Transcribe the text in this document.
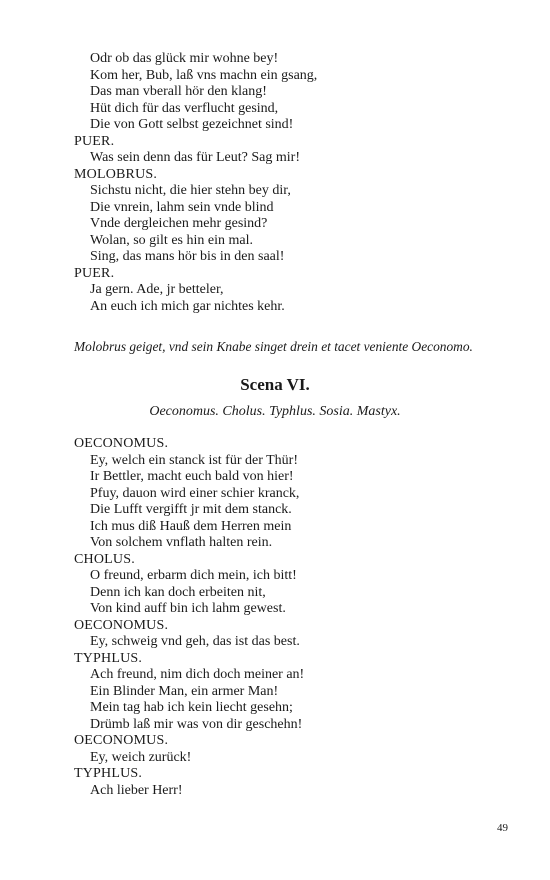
Odr ob das glück mir wohne bey!
Kom her, Bub, laß vns machn ein gsang,
Das man vberall hör den klang!
Hüt dich für das verflucht gesind,
Die von Gott selbst gezeichnet sind!
PUER.
Was sein denn das für Leut? Sag mir!
MOLOBRUS.
Sichstu nicht, die hier stehn bey dir,
Die vnrein, lahm sein vnde blind
Vnde dergleichen mehr gesind?
Wolan, so gilt es hin ein mal.
Sing, das mans hör bis in den saal!
PUER.
Ja gern. Ade, jr betteler,
An euch ich mich gar nichtes kehr.
Molobrus geiget, vnd sein Knabe singet drein et tacet veniente Oeconomo.
Scena VI.
Oeconomus. Cholus. Typhlus. Sosia. Mastyx.
OECONOMUS.
Ey, welch ein stanck ist für der Thür!
Ir Bettler, macht euch bald von hier!
Pfuy, dauon wird einer schier kranck,
Die Lufft vergifft jr mit dem stanck.
Ich mus diß Hauß dem Herren mein
Von solchem vnflath halten rein.
CHOLUS.
O freund, erbarm dich mein, ich bitt!
Denn ich kan doch erbeiten nit,
Von kind auff bin ich lahm gewest.
OECONOMUS.
Ey, schweig vnd geh, das ist das best.
TYPHLUS.
Ach freund, nim dich doch meiner an!
Ein Blinder Man, ein armer Man!
Mein tag hab ich kein liecht gesehn;
Drümb laß mir was von dir geschehn!
OECONOMUS.
Ey, weich zurück!
TYPHLUS.
Ach lieber Herr!
49
